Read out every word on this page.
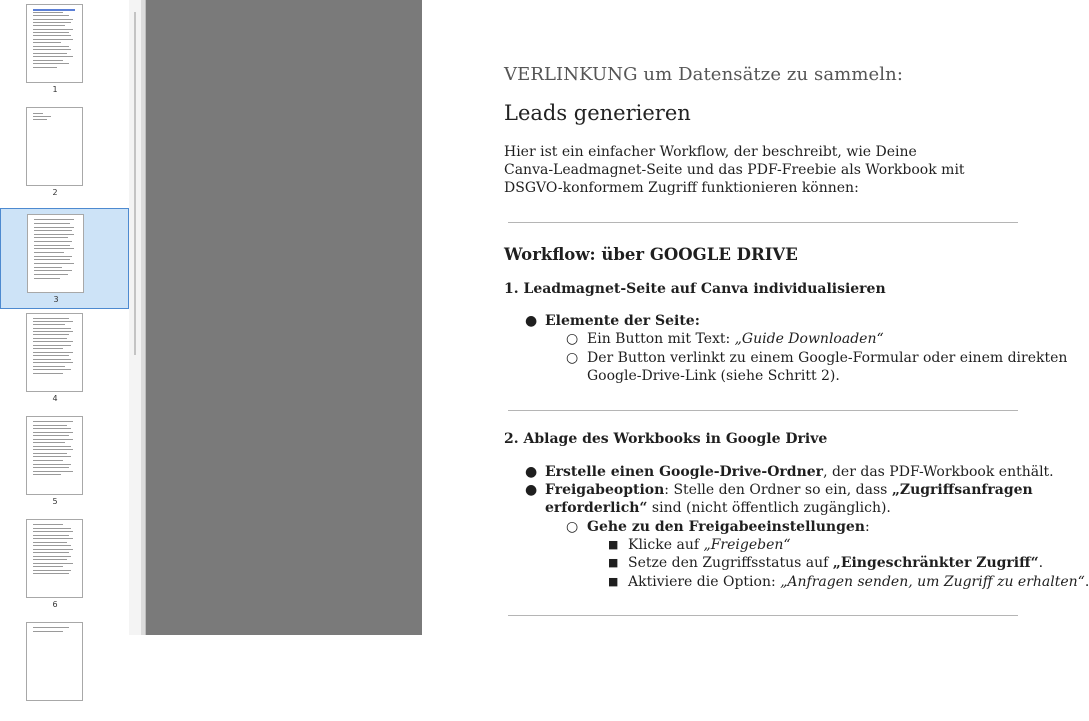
1
2
3
4
5
6
VERLINKUNG um Datensätze zu sammeln:
Leads generieren
Hier ist ein einfacher Workflow, der beschreibt, wie Deine
Canva-Leadmagnet-Seite und das PDF-Freebie als Workbook mit
DSGVO-konformem Zugriff funktionieren können:
Workflow: über GOOGLE DRIVE
1. Leadmagnet-Seite auf Canva individualisieren
● Elemente der Seite:
○ Ein Button mit Text: „Guide Downloaden“
○ Der Button verlinkt zu einem Google-Formular oder einem direkten
Google-Drive-Link (siehe Schritt 2).
2. Ablage des Workbooks in Google Drive
● Erstelle einen Google-Drive-Ordner, der das PDF-Workbook enthält.
● Freigabeoption: Stelle den Ordner so ein, dass „Zugriffsanfragen
erforderlich“ sind (nicht öffentlich zugänglich).
○ Gehe zu den Freigabeeinstellungen:
■ Klicke auf „Freigeben“
■ Setze den Zugriffsstatus auf „Eingeschränkter Zugriff“.
■ Aktiviere die Option: „Anfragen senden, um Zugriff zu erhalten“.
